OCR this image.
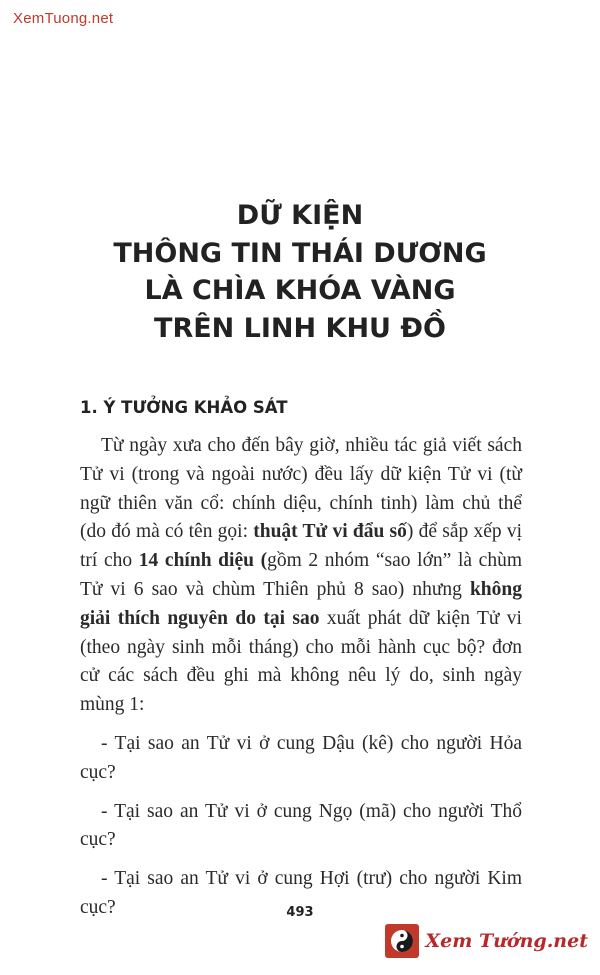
XemTuong.net
DỮ KIỆN
THÔNG TIN THÁI DƯƠNG
LÀ CHÌA KHÓA VÀNG
TRÊN LINH KHU ĐỒ
1. Ý TƯỞNG KHẢO SÁT

Từ ngày xưa cho đến bây giờ, nhiều tác giả viết sách Tử vi (trong và ngoài nước) đều lấy dữ kiện Tử vi (từ ngữ thiên văn cổ: chính diệu, chính tinh) làm chủ thể (do đó mà có tên gọi: thuật Tử vi đẩu số) để sắp xếp vị trí cho 14 chính diệu (gồm 2 nhóm “sao lớn” là chùm Tử vi 6 sao và chùm Thiên phủ 8 sao) nhưng không giải thích nguyên do tại sao xuất phát dữ kiện Tử vi (theo ngày sinh mỗi tháng) cho mỗi hành cục bộ? đơn cử các sách đều ghi mà không nêu lý do, sinh ngày mùng 1:

- Tại sao an Tử vi ở cung Dậu (kê) cho người Hỏa cục?

- Tại sao an Tử vi ở cung Ngọ (mã) cho người Thổ cục?

- Tại sao an Tử vi ở cung Hợi (trư) cho người Kim cục?	493
Xem Tướng.net
